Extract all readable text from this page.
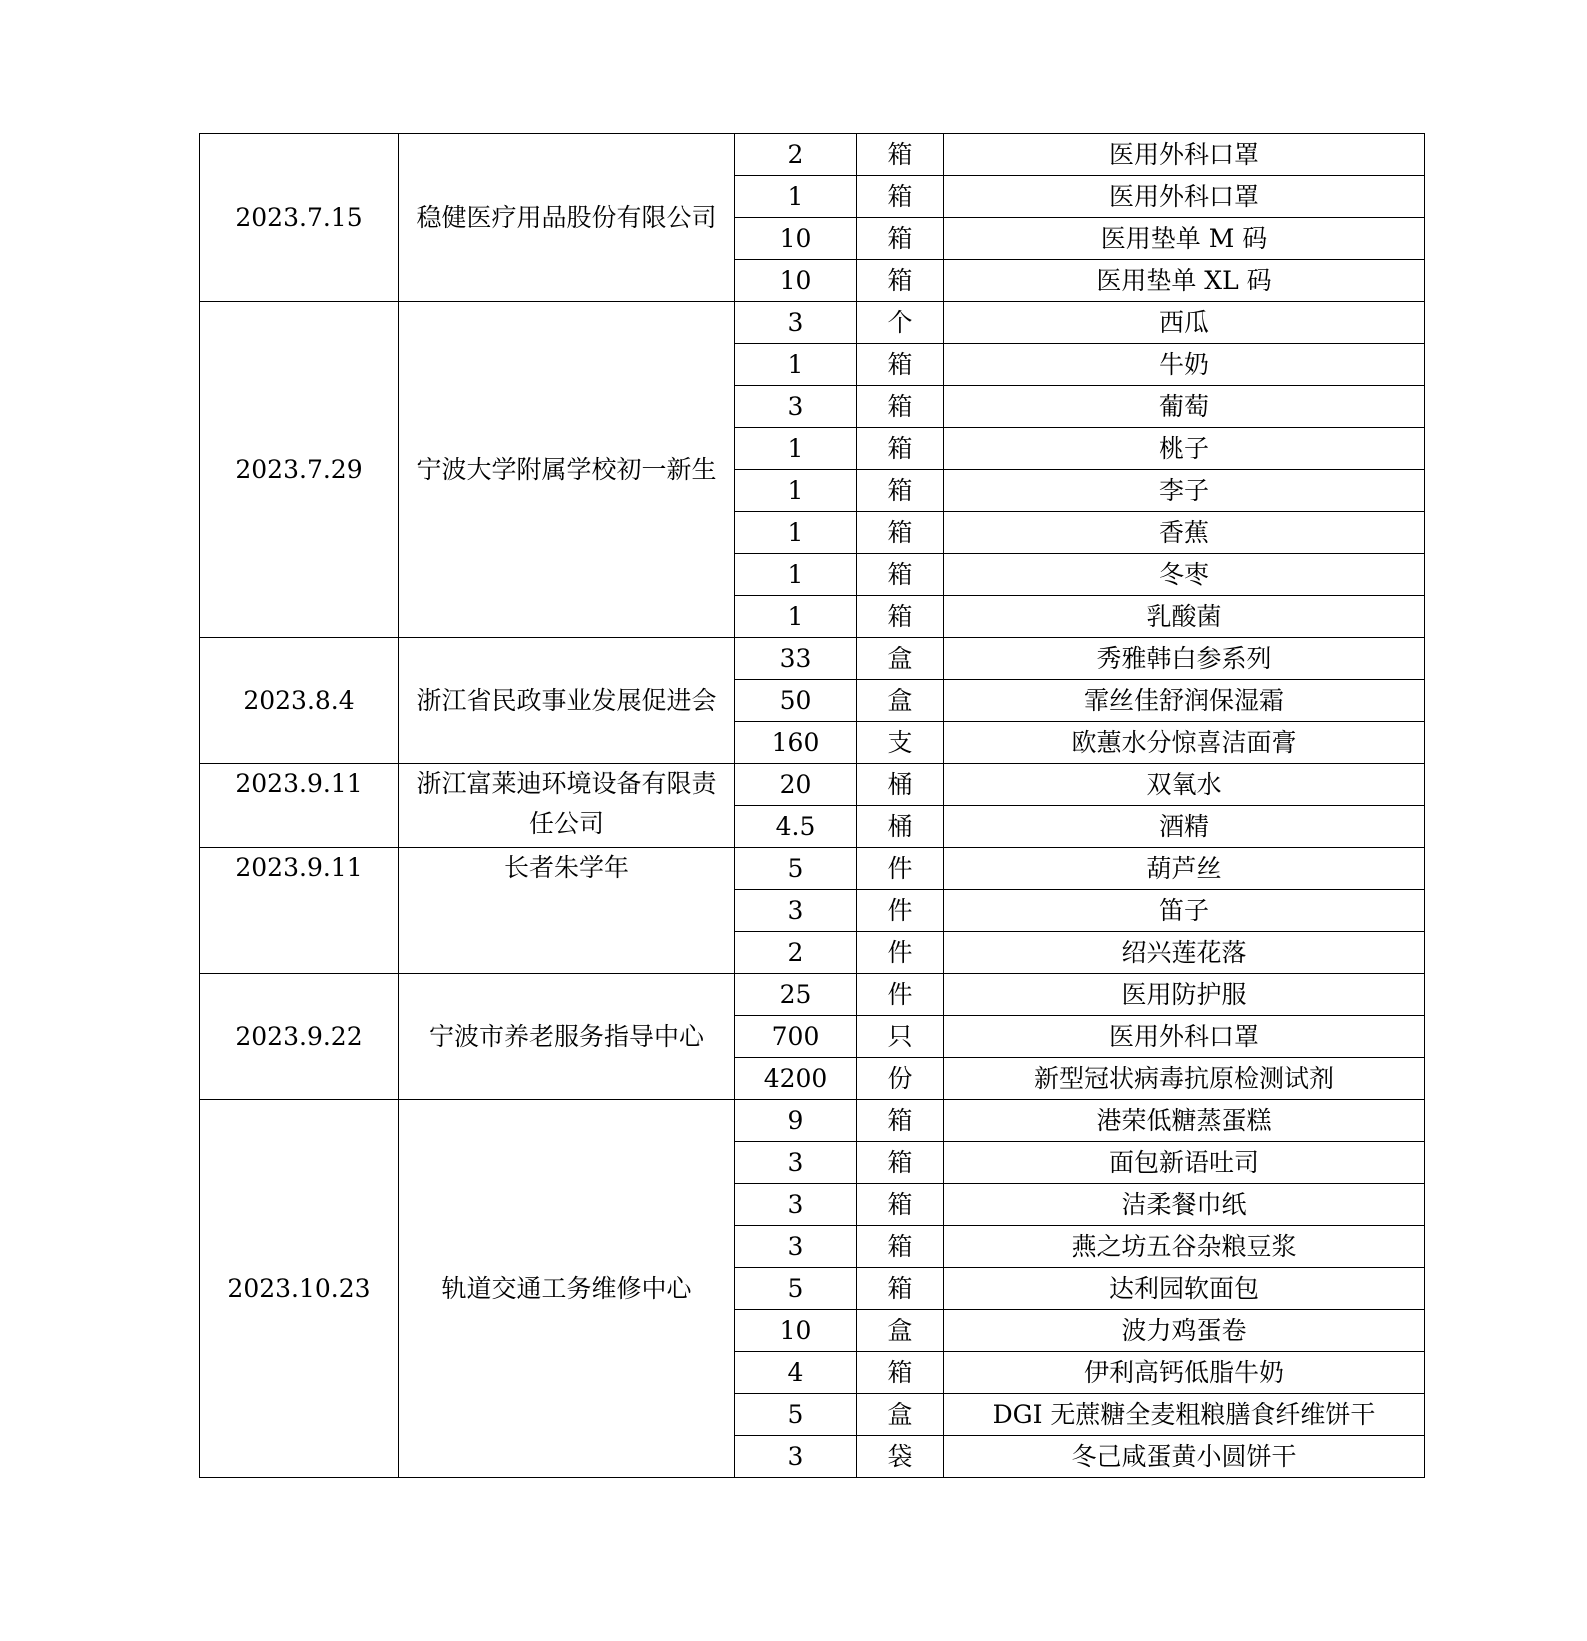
2023.7.15	稳健医疗用品股份有限公司	2	箱	医用外科口罩
		1	箱	医用外科口罩
		10	箱	医用垫单 M 码
		10	箱	医用垫单 XL 码
2023.7.29	宁波大学附属学校初一新生	3	个	西瓜
		1	箱	牛奶
		3	箱	葡萄
		1	箱	桃子
		1	箱	李子
		1	箱	香蕉
		1	箱	冬枣
		1	箱	乳酸菌
2023.8.4	浙江省民政事业发展促进会	33	盒	秀雅韩白参系列
		50	盒	霏丝佳舒润保湿霜
		160	支	欧蕙水分惊喜洁面膏
2023.9.11	浙江富莱迪环境设备有限责任公司	20	桶	双氧水
		4.5	桶	酒精
2023.9.11	长者朱学年	5	件	葫芦丝
		3	件	笛子
		2	件	绍兴莲花落
2023.9.22	宁波市养老服务指导中心	25	件	医用防护服
		700	只	医用外科口罩
		4200	份	新型冠状病毒抗原检测试剂
2023.10.23	轨道交通工务维修中心	9	箱	港荣低糖蒸蛋糕
		3	箱	面包新语吐司
		3	箱	洁柔餐巾纸
		3	箱	燕之坊五谷杂粮豆浆
		5	箱	达利园软面包
		10	盒	波力鸡蛋卷
		4	箱	伊利高钙低脂牛奶
		5	盒	DGI 无蔗糖全麦粗粮膳食纤维饼干
		3	袋	冬己咸蛋黄小圆饼干
